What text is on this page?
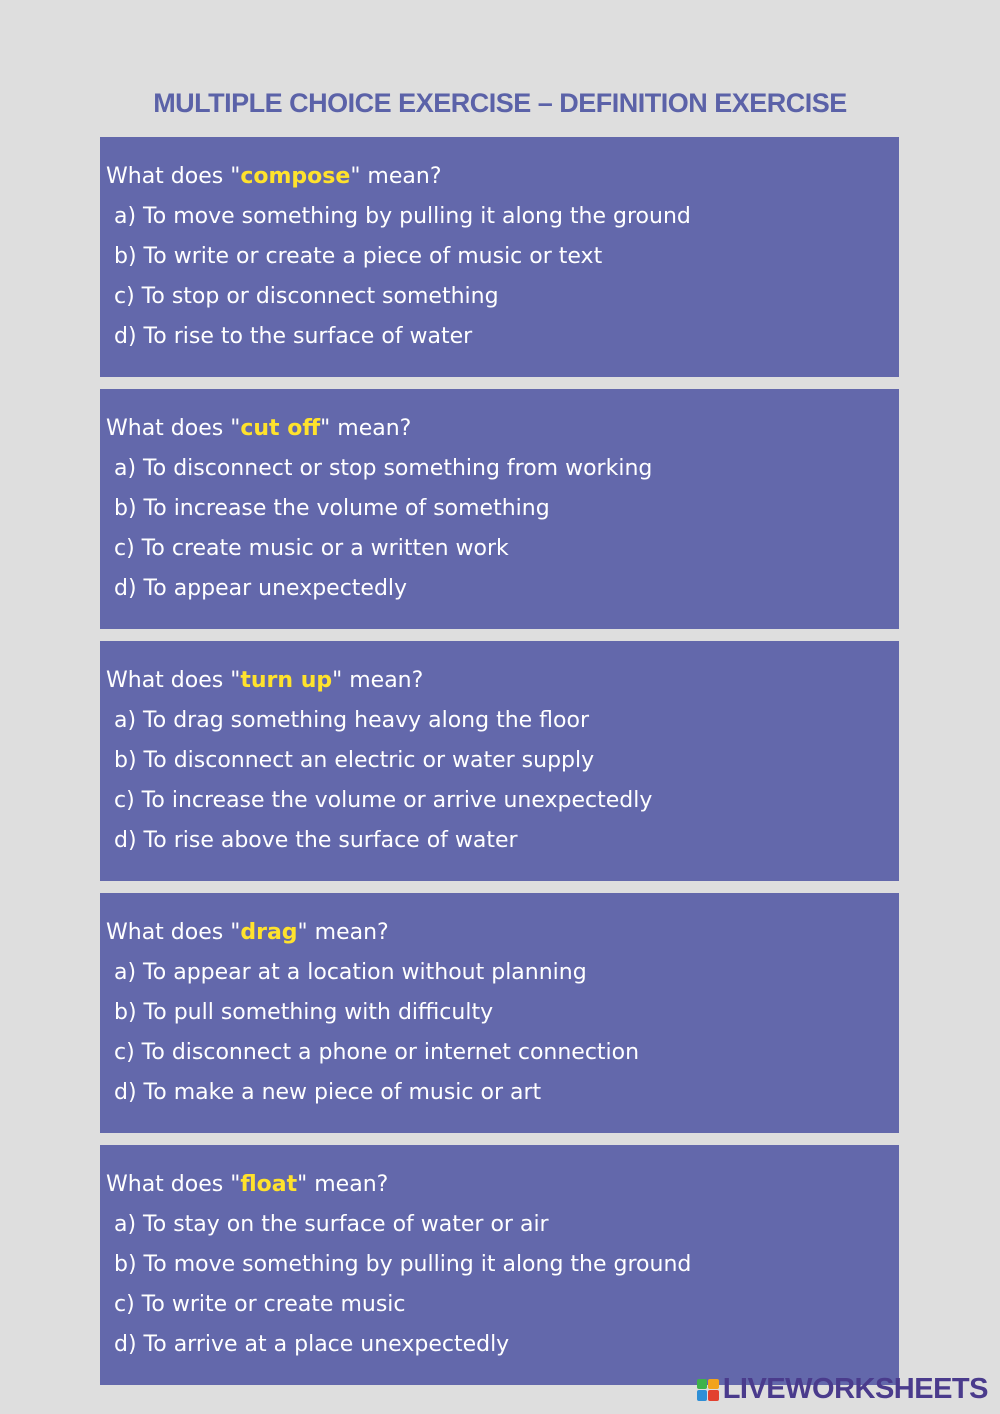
MULTIPLE CHOICE EXERCISE – DEFINITION EXERCISE
What does "compose" mean?
a) To move something by pulling it along the ground
b) To write or create a piece of music or text
c) To stop or disconnect something
d) To rise to the surface of water
What does "cut off" mean?
a) To disconnect or stop something from working
b) To increase the volume of something
c) To create music or a written work
d) To appear unexpectedly
What does "turn up" mean?
a) To drag something heavy along the floor
b) To disconnect an electric or water supply
c) To increase the volume or arrive unexpectedly
d) To rise above the surface of water
What does "drag" mean?
a) To appear at a location without planning
b) To pull something with difficulty
c) To disconnect a phone or internet connection
d) To make a new piece of music or art
What does "float" mean?
a) To stay on the surface of water or air
b) To move something by pulling it along the ground
c) To write or create music
d) To arrive at a place unexpectedly
LIVEWORKSHEETS
